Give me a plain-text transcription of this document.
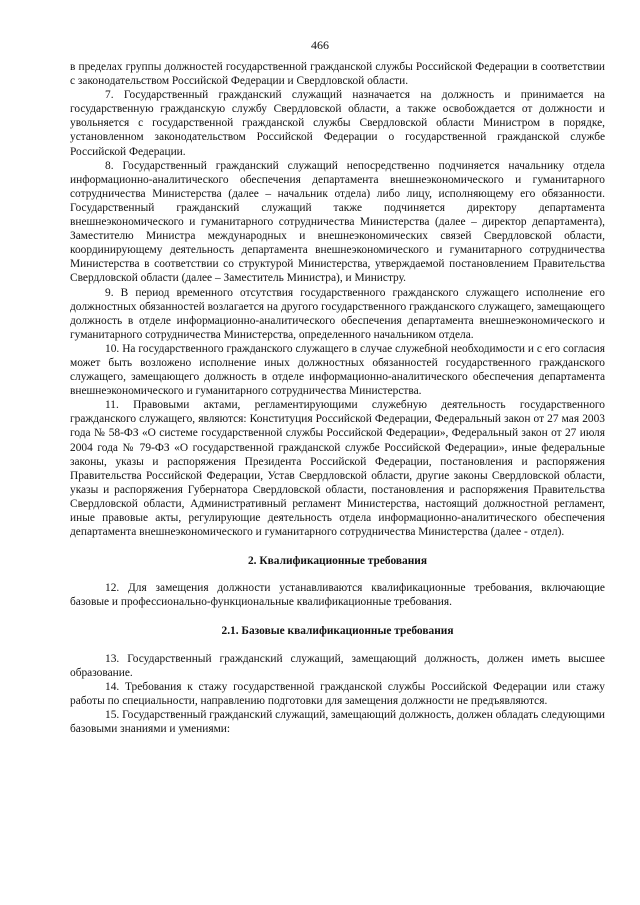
466

в пределах группы должностей государственной гражданской службы Российской Федерации в соответствии с законодательством Российской Федерации и Свердловской области.

7. Государственный гражданский служащий назначается на должность и принимается на государственную гражданскую службу Свердловской области, а также освобождается от должности и увольняется с государственной гражданской службы Свердловской области Министром в порядке, установленном законодательством Российской Федерации о государственной гражданской службе Российской Федерации.

8. Государственный гражданский служащий непосредственно подчиняется начальнику отдела информационно-аналитического обеспечения департамента внешнеэкономического и гуманитарного сотрудничества Министерства (далее – начальник отдела) либо лицу, исполняющему его обязанности. Государственный гражданский служащий также подчиняется директору департамента внешнеэкономического и гуманитарного сотрудничества Министерства (далее – директор департамента), Заместителю Министра международных и внешнеэкономических связей Свердловской области, координирующему деятельность департамента внешнеэкономического и гуманитарного сотрудничества Министерства в соответствии со структурой Министерства, утверждаемой постановлением Правительства Свердловской области (далее – Заместитель Министра), и Министру.

9. В период временного отсутствия государственного гражданского служащего исполнение его должностных обязанностей возлагается на другого государственного гражданского служащего, замещающего должность в отделе информационно-аналитического обеспечения департамента внешнеэкономического и гуманитарного сотрудничества Министерства, определенного начальником отдела.

10. На государственного гражданского служащего в случае служебной необходимости и с его согласия может быть возложено исполнение иных должностных обязанностей государственного гражданского служащего, замещающего должность в отделе информационно-аналитического обеспечения департамента внешнеэкономического и гуманитарного сотрудничества Министерства.

11. Правовыми актами, регламентирующими служебную деятельность государственного гражданского служащего, являются: Конституция Российской Федерации, Федеральный закон от 27 мая 2003 года № 58-ФЗ «О системе государственной службы Российской Федерации», Федеральный закон от 27 июля 2004 года № 79-ФЗ «О государственной гражданской службе Российской Федерации», иные федеральные законы, указы и распоряжения Президента Российской Федерации, постановления и распоряжения Правительства Российской Федерации, Устав Свердловской области, другие законы Свердловской области, указы и распоряжения Губернатора Свердловской области, постановления и распоряжения Правительства Свердловской области, Административный регламент Министерства, настоящий должностной регламент, иные правовые акты, регулирующие деятельность отдела информационно-аналитического обеспечения департамента внешнеэкономического и гуманитарного сотрудничества Министерства (далее - отдел).

2. Квалификационные требования

12. Для замещения должности устанавливаются квалификационные требования, включающие базовые и профессионально-функциональные квалификационные требования.

2.1. Базовые квалификационные требования

13. Государственный гражданский служащий, замещающий должность, должен иметь высшее образование.

14. Требования к стажу государственной гражданской службы Российской Федерации или стажу работы по специальности, направлению подготовки для замещения должности не предъявляются.

15. Государственный гражданский служащий, замещающий должность, должен обладать следующими базовыми знаниями и умениями:
